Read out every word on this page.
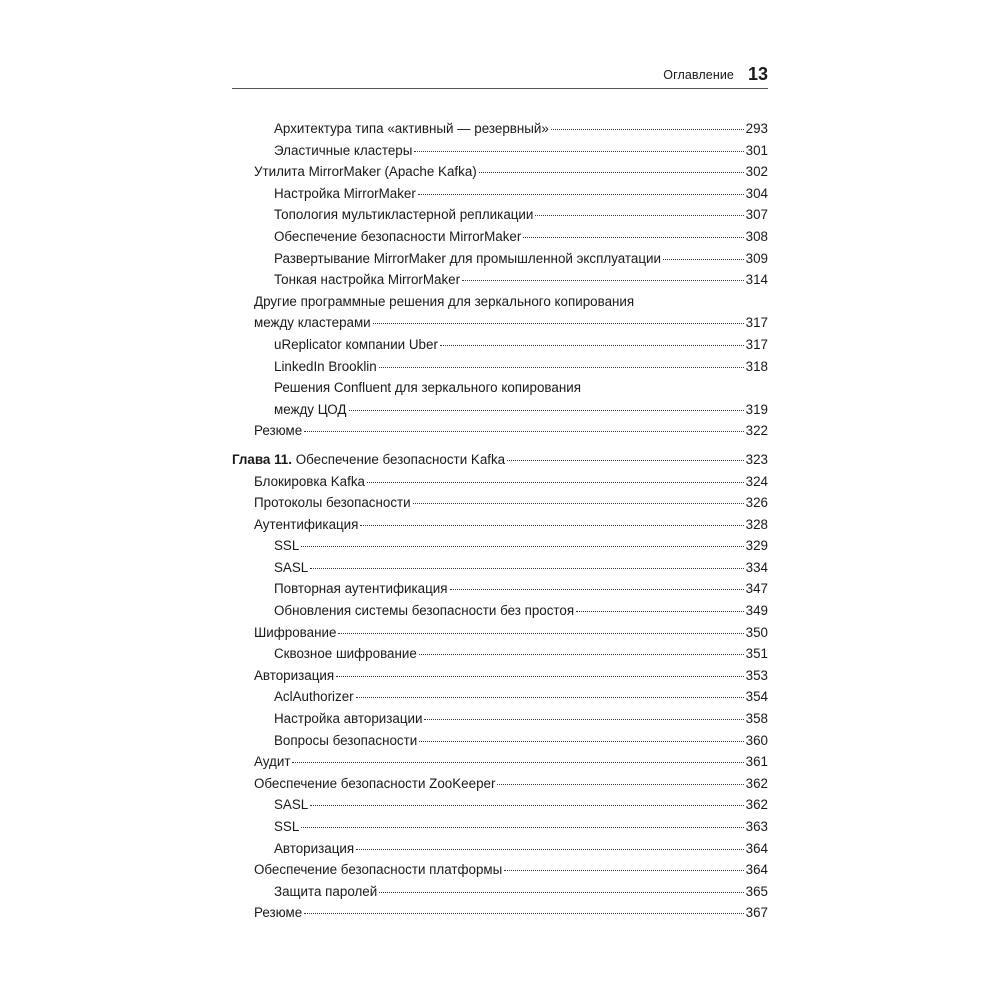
Оглавление 13
Архитектура типа «активный — резервный»	293
Эластичные кластеры	301
Утилита MirrorMaker (Apache Kafka)	302
Настройка MirrorMaker	304
Топология мультикластерной репликации	307
Обеспечение безопасности MirrorMaker	308
Развертывание MirrorMaker для промышленной эксплуатации	309
Тонкая настройка MirrorMaker	314
Другие программные решения для зеркального копирования
между кластерами	317
uReplicator компании Uber	317
LinkedIn Brooklin	318
Решения Confluent для зеркального копирования
между ЦОД	319
Резюме	322
Глава 11. Обеспечение безопасности Kafka	323
Блокировка Kafka	324
Протоколы безопасности	326
Аутентификация	328
SSL	329
SASL	334
Повторная аутентификация	347
Обновления системы безопасности без простоя	349
Шифрование	350
Сквозное шифрование	351
Авторизация	353
AclAuthorizer	354
Настройка авторизации	358
Вопросы безопасности	360
Аудит	361
Обеспечение безопасности ZooKeeper	362
SASL	362
SSL	363
Авторизация	364
Обеспечение безопасности платформы	364
Защита паролей	365
Резюме	367
